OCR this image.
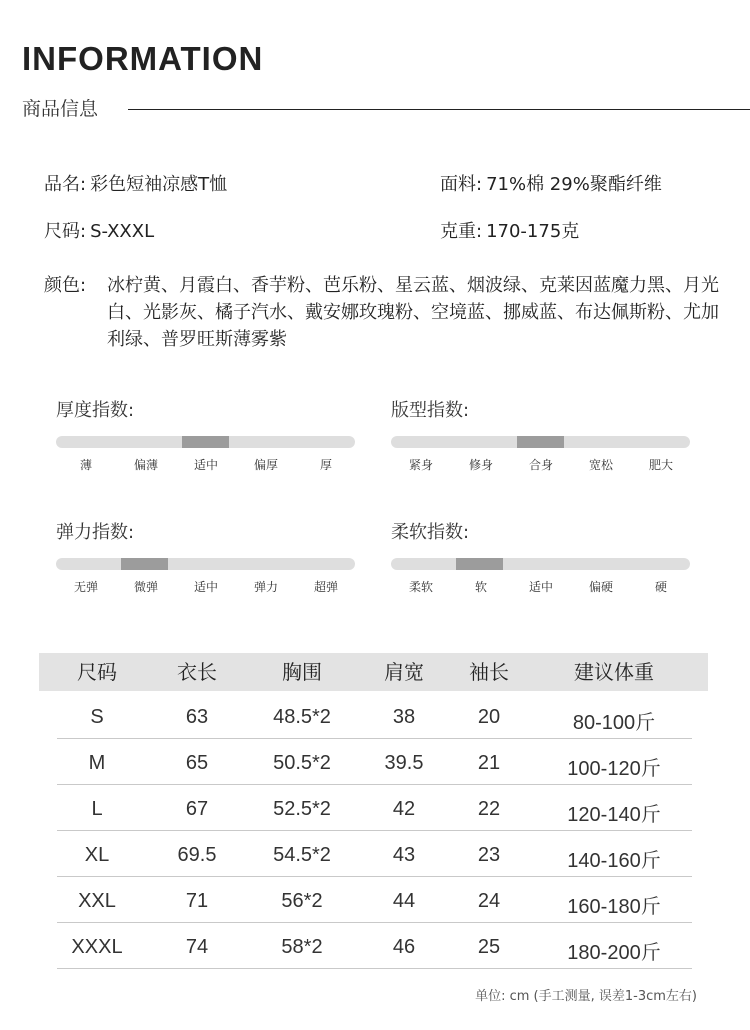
INFORMATION
商品信息
品名: 彩色短袖凉感T恤	面料: 71%棉 29%聚酯纤维
尺码: S-XXXL	克重: 170-175克
颜色: 冰柠黄、月霞白、香芋粉、芭乐粉、星云蓝、烟波绿、克莱因蓝魔力黑、月光白、光影灰、橘子汽水、戴安娜玫瑰粉、空境蓝、挪威蓝、布达佩斯粉、尤加利绿、普罗旺斯薄雾紫
厚度指数:
薄	偏薄	适中	偏厚	厚
版型指数:
紧身	修身	合身	宽松	肥大
弹力指数:
无弹	微弹	适中	弹力	超弹
柔软指数:
柔软	软	适中	偏硬	硬
尺码	衣长	胸围	肩宽	袖长	建议体重
S	63	48.5*2	38	20	80-100斤
M	65	50.5*2	39.5	21	100-120斤
L	67	52.5*2	42	22	120-140斤
XL	69.5	54.5*2	43	23	140-160斤
XXL	71	56*2	44	24	160-180斤
XXXL	74	58*2	46	25	180-200斤
单位: cm (手工测量, 误差1-3cm左右)
